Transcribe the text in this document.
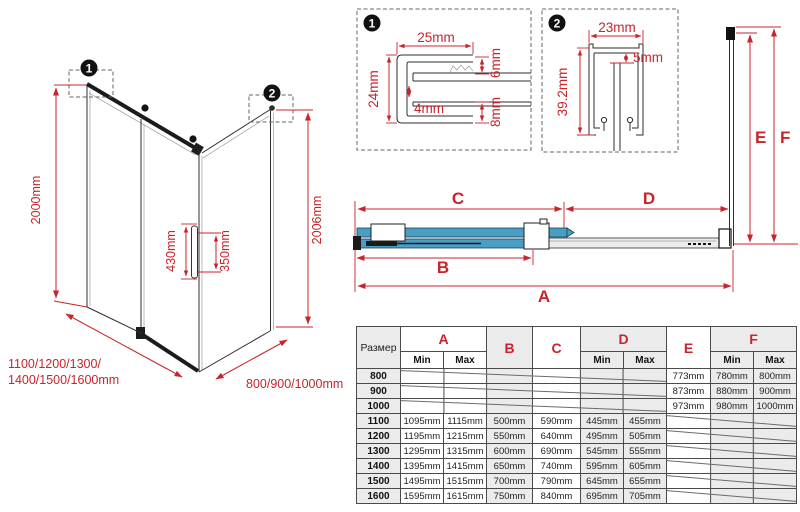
1
2
2000mm	2006mm
430mm	350mm
1100/1200/1300/
1400/1500/1600mm	800/900/1000mm
1
25mm
24mm
6mm
4mm	8mm
2	23mm
5mm
39.2mm
C	D
E F
B
A
Размер	A		B	C	D		E	F	
	Min	Max			Min	Max		Min	Max
800							773mm	780mm	800mm
900							873mm	880mm	900mm
1000							973mm	980mm	1000mm
1100	1095mm	1115mm	500mm	590mm	445mm	455mm	

1200	1195mm	1215mm	550mm	640mm	495mm	505mm	

1300	1295mm	1315mm	600mm	690mm	545mm	555mm	

1400	1395mm	1415mm	650mm	740mm	595mm	605mm	

1500	1495mm	1515mm	700mm	790mm	645mm	655mm	

1600	1595mm	1615mm	750mm	840mm	695mm	705mm	
